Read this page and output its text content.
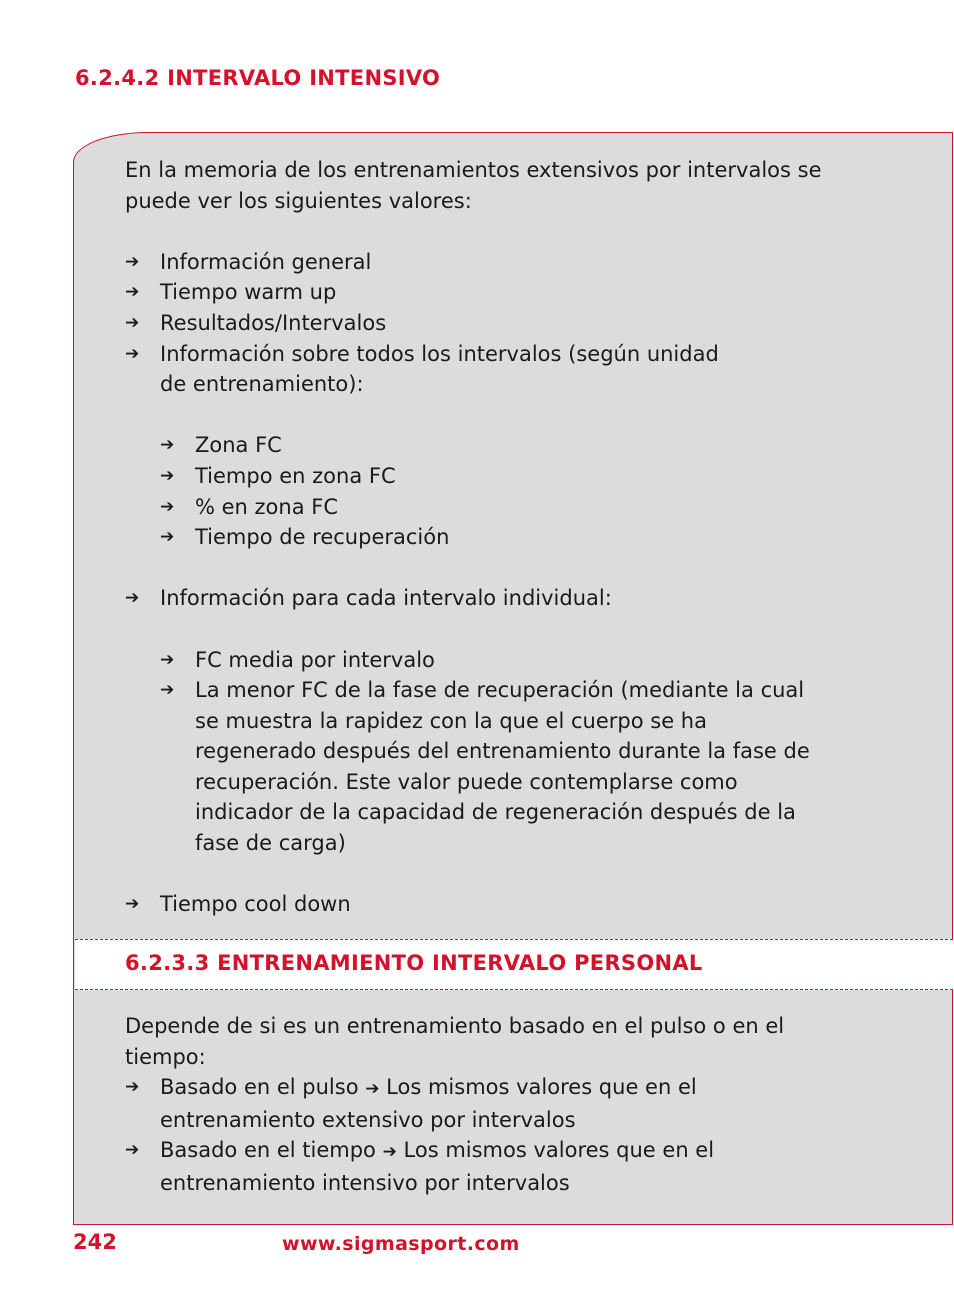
6.2.4.2 INTERVALO INTENSIVO

En la memoria de los entrenamientos extensivos por intervalos se puede ver los siguientes valores:

➔ Información general
➔ Tiempo warm up
➔ Resultados/Intervalos
➔ Información sobre todos los intervalos (según unidad de entrenamiento):
➔ Zona FC
➔ Tiempo en zona FC
➔ % en zona FC
➔ Tiempo de recuperación
➔ Información para cada intervalo individual:
➔ FC media por intervalo
➔ La menor FC de la fase de recuperación (mediante la cual se muestra la rapidez con la que el cuerpo se ha regenerado después del entrenamiento durante la fase de recuperación. Este valor puede contemplarse como indicador de la capacidad de regeneración después de la fase de carga)
➔ Tiempo cool down
6.2.3.3 ENTRENAMIENTO INTERVALO PERSONAL

Depende de si es un entrenamiento basado en el pulso o en el tiempo:

➔ Basado en el pulso ➔ Los mismos valores que en el entrenamiento extensivo por intervalos
➔ Basado en el tiempo ➔ Los mismos valores que en el entrenamiento intensivo por intervalos
242	www.sigmasport.com
